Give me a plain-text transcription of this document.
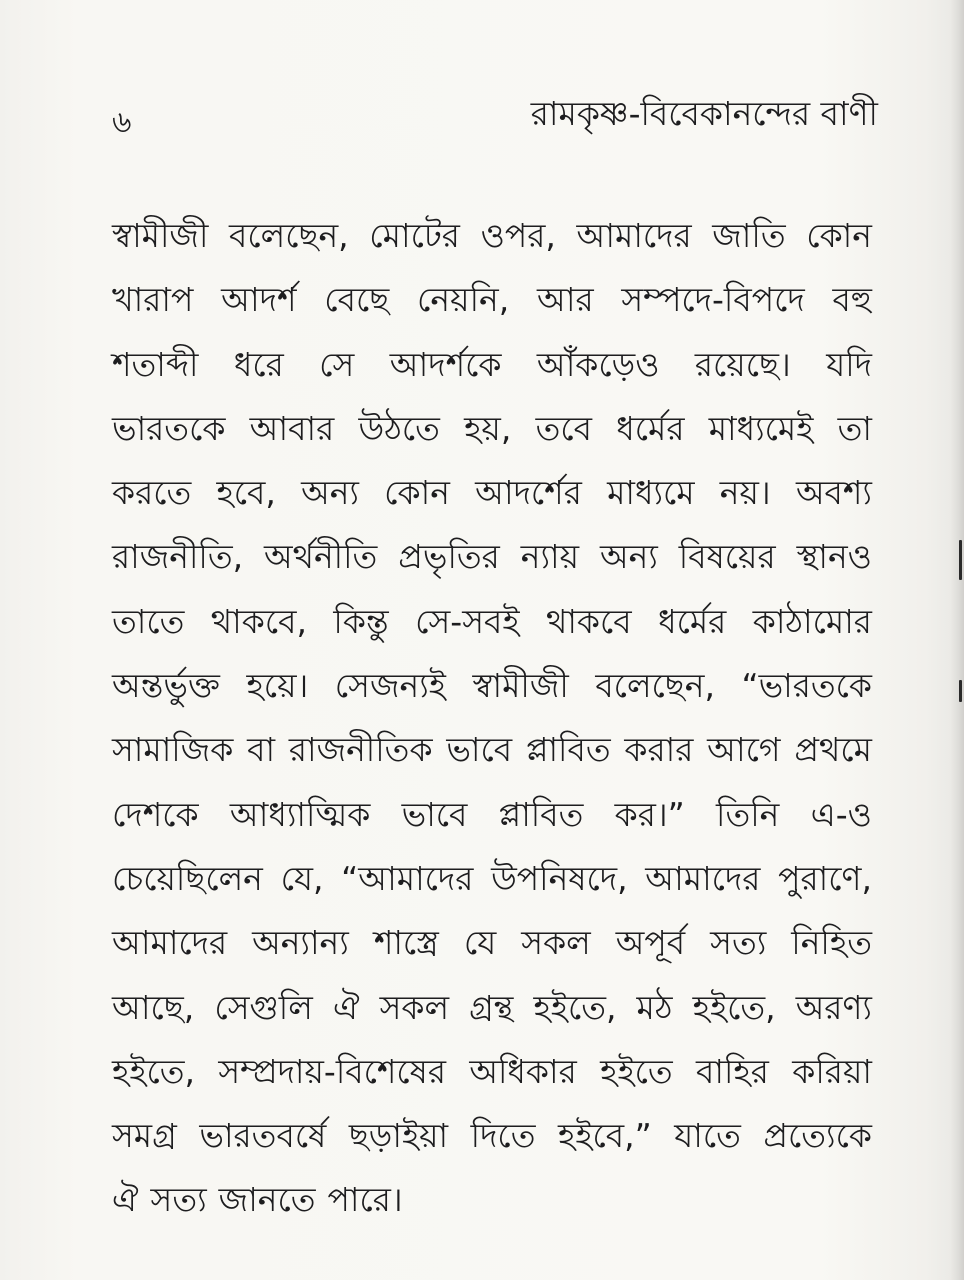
৬	রামকৃষ্ণ-বিবেকানন্দের বাণী
স্বামীজী বলেছেন, মোটের ওপর, আমাদের জাতি কোন
খারাপ আদর্শ বেছে নেয়নি, আর সম্পদে-বিপদে বহু
শতাব্দী ধরে সে আদর্শকে আঁকড়েও রয়েছে। যদি
ভারতকে আবার উঠতে হয়, তবে ধর্মের মাধ্যমেই তা
করতে হবে, অন্য কোন আদর্শের মাধ্যমে নয়। অবশ্য
রাজনীতি, অর্থনীতি প্রভৃতির ন্যায় অন্য বিষয়ের স্থানও
তাতে থাকবে, কিন্তু সে-সবই থাকবে ধর্মের কাঠামোর
অন্তর্ভুক্ত হয়ে। সেজন্যই স্বামীজী বলেছেন, “ভারতকে
সামাজিক বা রাজনীতিক ভাবে প্লাবিত করার আগে প্রথমে
দেশকে আধ্যাত্মিক ভাবে প্লাবিত কর।” তিনি এ-ও
চেয়েছিলেন যে, “আমাদের উপনিষদে, আমাদের পুরাণে,
আমাদের অন্যান্য শাস্ত্রে যে সকল অপূর্ব সত্য নিহিত
আছে, সেগুলি ঐ সকল গ্রন্থ হইতে, মঠ হইতে, অরণ্য
হইতে, সম্প্রদায়-বিশেষের অধিকার হইতে বাহির করিয়া
সমগ্র ভারতবর্ষে ছড়াইয়া দিতে হইবে,” যাতে প্রত্যেকে
ঐ সত্য জানতে পারে।
